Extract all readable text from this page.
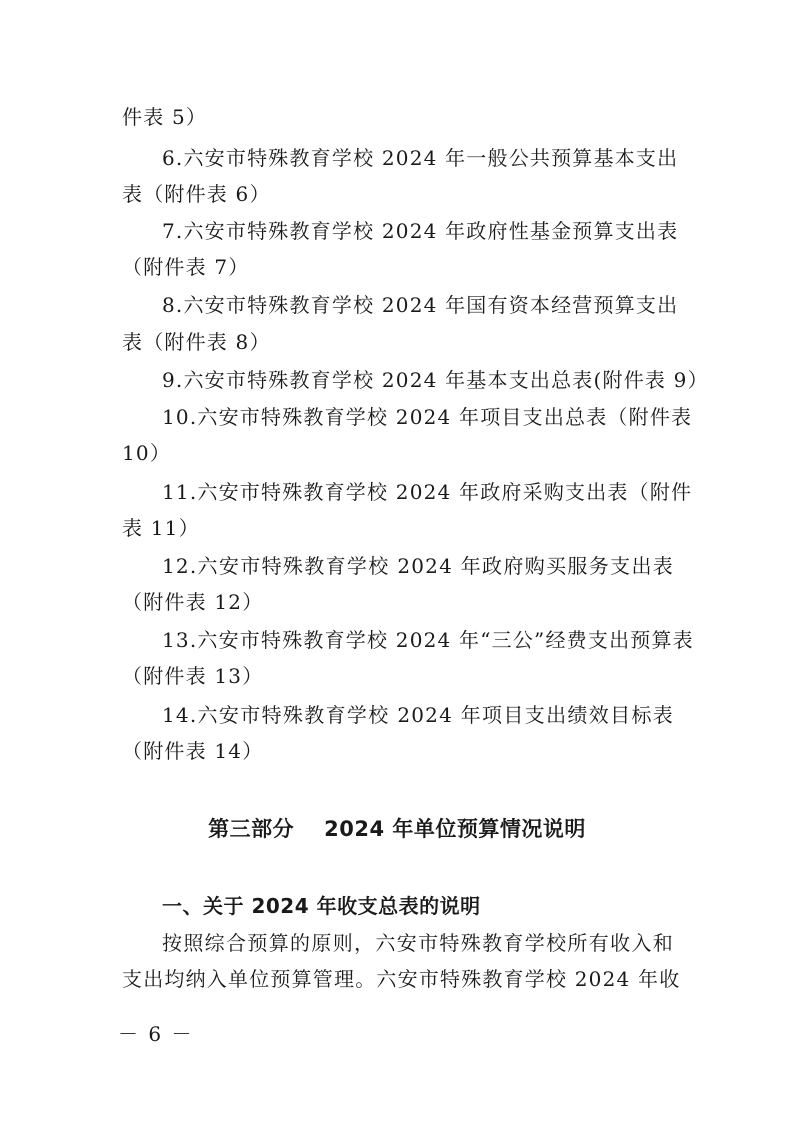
件表 5）
6.六安市特殊教育学校 2024 年一般公共预算基本支出
表（附件表 6）
7.六安市特殊教育学校 2024 年政府性基金预算支出表
（附件表 7）
8.六安市特殊教育学校 2024 年国有资本经营预算支出
表（附件表 8）
9.六安市特殊教育学校 2024 年基本支出总表(附件表 9）
10.六安市特殊教育学校 2024 年项目支出总表（附件表
10）
11.六安市特殊教育学校 2024 年政府采购支出表（附件
表 11）
12.六安市特殊教育学校 2024 年政府购买服务支出表
（附件表 12）
13.六安市特殊教育学校 2024 年“三公”经费支出预算表
（附件表 13）
14.六安市特殊教育学校 2024 年项目支出绩效目标表
（附件表 14）
第三部分 2024 年单位预算情况说明
一、关于 2024 年收支总表的说明
按照综合预算的原则，六安市特殊教育学校所有收入和
支出均纳入单位预算管理。六安市特殊教育学校 2024 年收
－ 6 －
